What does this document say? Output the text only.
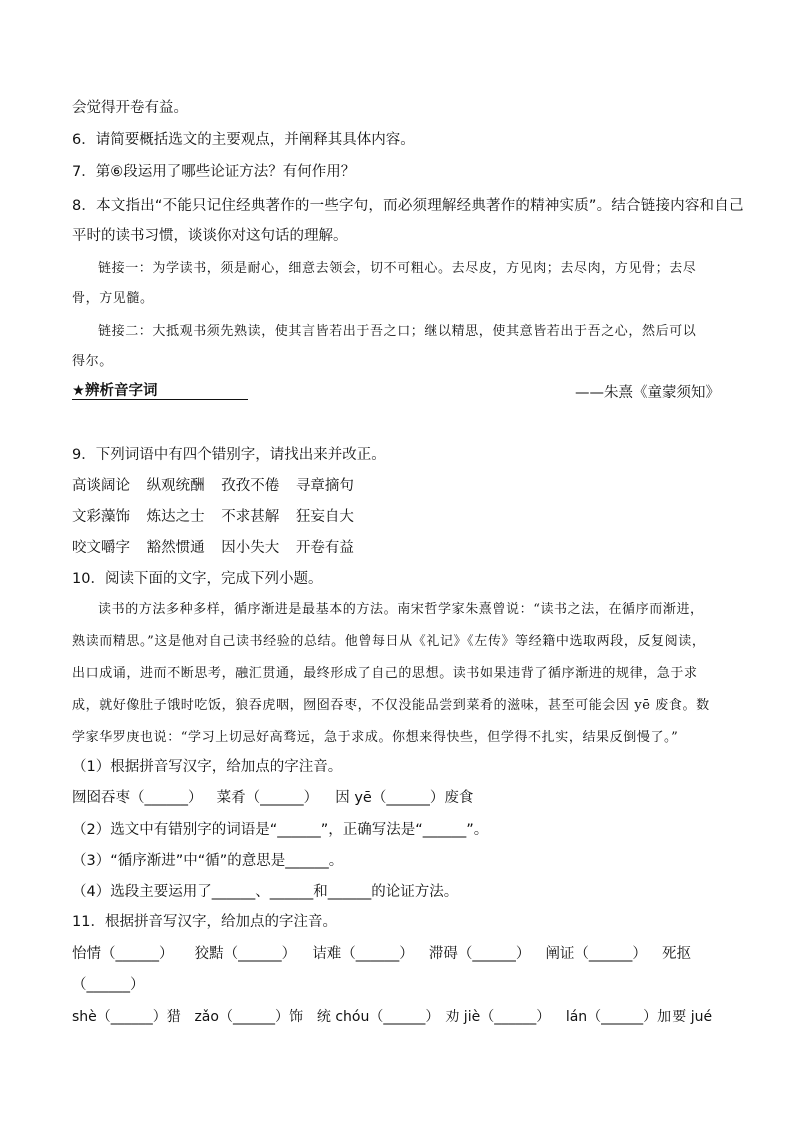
会觉得开卷有益。
6．请简要概括选文的主要观点，并阐释其具体内容。
7．第⑥段运用了哪些论证方法？有何作用？
8．本文指出“不能只记住经典著作的一些字句，而必须理解经典著作的精神实质”。结合链接内容和自己
平时的读书习惯，谈谈你对这句话的理解。
链接一：为学读书，须是耐心，细意去领会，切不可粗心。去尽皮，方见肉；去尽肉，方见骨；去尽
骨，方见髓。
链接二：大抵观书须先熟读，使其言皆若出于吾之口；继以精思，使其意皆若出于吾之心，然后可以
得尔。
——朱熹《童蒙须知》
★辨析音字词
9．下列词语中有四个错别字，请找出来并改正。
高谈阔论 纵观统酬 孜孜不倦 寻章摘句
文彩藻饰 炼达之士 不求甚解 狂妄自大
咬文嚼字 豁然惯通 因小失大 开卷有益
10．阅读下面的文字，完成下列小题。
读书的方法多种多样，循序渐进是最基本的方法。南宋哲学家朱熹曾说：“读书之法，在循序而渐进，
熟读而精思。”这是他对自己读书经验的总结。他曾每日从《礼记》《左传》等经籍中选取两段，反复阅读，
出口成诵，进而不断思考，融汇贯通，最终形成了自己的思想。读书如果违背了循序渐进的规律，急于求
成，就好像肚子饿时吃饭，狼吞虎咽，囫囵吞枣，不仅没能品尝到菜肴的滋味，甚至可能会因 yē 废食。数
学家华罗庚也说：“学习上切忌好高骛远，急于求成。你想来得快些，但学得不扎实，结果反倒慢了。”
（1）根据拼音写汉字，给加点的字注音。
囫囵吞枣（______） 菜肴（______） 因 yē（______）废食
（2）选文中有错别字的词语是“______”，正确写法是“______”。
（3）“循序渐进”中“循”的意思是______。
（4）选段主要运用了______、______和______的论证方法。
11．根据拼音写汉字，给加点的字注音。
怡情（______） 狡黠（______） 诘难（______） 滞碍（______） 阐证（______） 死抠
（______）
shè（______）猎 zǎo（______）饰 统 chóu（______） 劝 jiè（______） lán（______）加 要 jué
